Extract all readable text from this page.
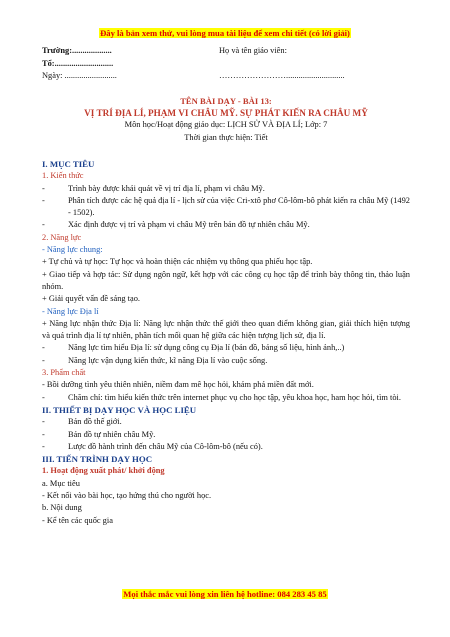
Đây là bản xem thử, vui lòng mua tài liệu để xem chi tiết (có lời giải)
Trường:...................	Họ và tên giáo viên:
Tổ:............................
Ngày: .........................	……………………............................
TÊN BÀI DẠY - BÀI 13:
VỊ TRÍ ĐỊA LÍ, PHẠM VI CHÂU MỸ. SỰ PHÁT KIẾN RA CHÂU MỸ
Môn học/Hoạt động giáo dục: LỊCH SỬ VÀ ĐỊA LÍ; Lớp: 7
Thời gian thực hiện: Tiết
I. MỤC TIÊU
1. Kiến thức
-	Trình bày được khái quát về vị trí địa lí, phạm vi châu Mỹ.
-	Phân tích được các hệ quả địa lí - lịch sử của việc Cri-xtô phơ Cô-lôm-bô phát kiến ra châu Mỹ (1492 - 1502).
-	Xác định được vị trí và phạm vi châu Mỹ trên bản đồ tự nhiên châu Mỹ.
2. Năng lực
- Năng lực chung:
+ Tự chủ và tự học: Tự học và hoàn thiện các nhiệm vụ thông qua phiếu học tập.
+ Giao tiếp và hợp tác: Sử dụng ngôn ngữ, kết hợp với các công cụ học tập để trình bày thông tin, thảo luận nhóm.
+ Giải quyết vấn đề sáng tạo.
- Năng lực Địa lí
+ Năng lực nhận thức Địa lí: Năng lực nhận thức thế giới theo quan điểm không gian, giải thích hiện tượng và quá trình địa lí tự nhiên, phân tích mối quan hệ giữa các hiện tượng lịch sử, địa lí.
-	Năng lực tìm hiểu Địa lí: sử dụng công cụ Địa lí (bản đồ, bảng số liệu, hình ảnh,..)
-	Năng lực vận dụng kiến thức, kĩ năng Địa lí vào cuộc sống.
3. Phẩm chất
- Bồi dưỡng tình yêu thiên nhiên, niềm đam mê học hỏi, khám phá miền đất mới.
-	Chăm chỉ: tìm hiểu kiến thức trên internet phục vụ cho học tập, yêu khoa học, ham học hỏi, tìm tòi.
II. THIẾT BỊ DẠY HỌC VÀ HỌC LIỆU
-	Bản đồ thế giới.
-	Bản đồ tự nhiên châu Mỹ.
-	Lược đồ hành trình đến châu Mỹ của Cô-lôm-bô (nếu có).
III. TIẾN TRÌNH DẠY HỌC
1. Hoạt động xuất phát/ khởi động
a. Mục tiêu
- Kết nối vào bài học, tạo hứng thú cho người học.
b. Nội dung
- Kể tên các quốc gia
Mọi thắc mắc vui lòng xin liên hệ hotline: 084 283 45 85
